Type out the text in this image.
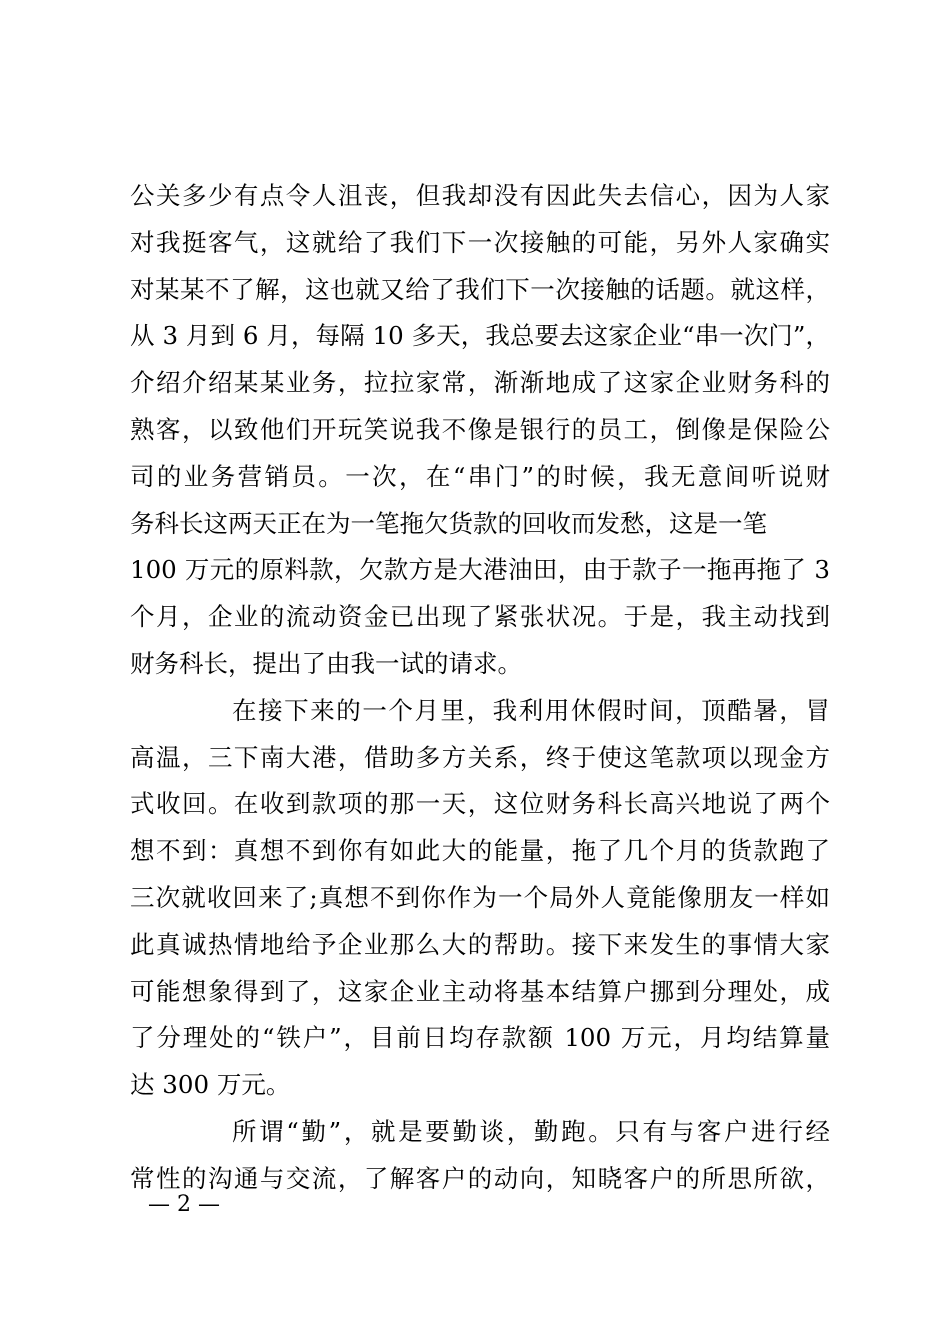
公关多少有点令人沮丧，但我却没有因此失去信心，因为人家
对我挺客气，这就给了我们下一次接触的可能，另外人家确实
对某某不了解，这也就又给了我们下一次接触的话题。就这样，
从 3 月到 6 月，每隔 10 多天，我总要去这家企业“串一次门”，
介绍介绍某某业务，拉拉家常，渐渐地成了这家企业财务科的
熟客，以致他们开玩笑说我不像是银行的员工，倒像是保险公
司的业务营销员。一次，在“串门”的时候，我无意间听说财
务科长这两天正在为一笔拖欠货款的回收而发愁，这是一笔
100 万元的原料款，欠款方是大港油田，由于款子一拖再拖了 3
个月，企业的流动资金已出现了紧张状况。于是，我主动找到
财务科长，提出了由我一试的请求。
在接下来的一个月里，我利用休假时间，顶酷暑，冒
高温，三下南大港，借助多方关系，终于使这笔款项以现金方
式收回。在收到款项的那一天，这位财务科长高兴地说了两个
想不到：真想不到你有如此大的能量，拖了几个月的货款跑了
三次就收回来了;真想不到你作为一个局外人竟能像朋友一样如
此真诚热情地给予企业那么大的帮助。接下来发生的事情大家
可能想象得到了，这家企业主动将基本结算户挪到分理处，成
了分理处的“铁户”，目前日均存款额 100 万元，月均结算量
达 300 万元。
所谓“勤”，就是要勤谈，勤跑。只有与客户进行经
常性的沟通与交流，了解客户的动向，知晓客户的所思所欲，
— 2 —
